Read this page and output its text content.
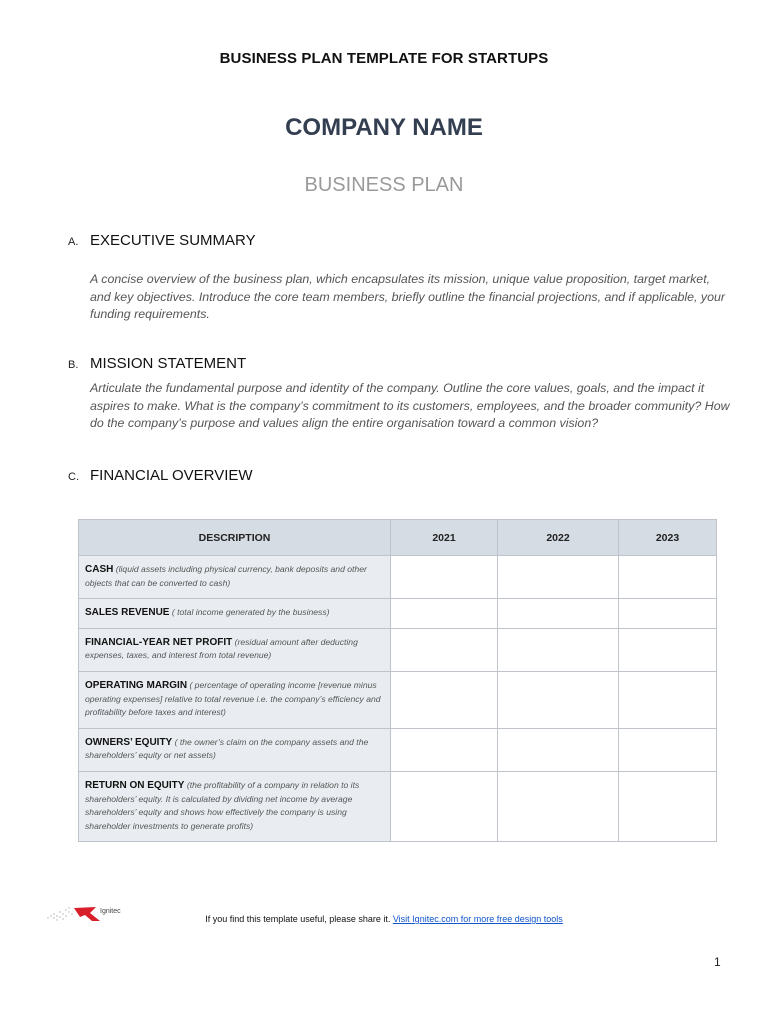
BUSINESS PLAN TEMPLATE FOR STARTUPS
COMPANY NAME
BUSINESS PLAN
A. EXECUTIVE SUMMARY
A concise overview of the business plan, which encapsulates its mission, unique value proposition, target market, and key objectives. Introduce the core team members, briefly outline the financial projections, and if applicable, your funding requirements.
B. MISSION STATEMENT
Articulate the fundamental purpose and identity of the company. Outline the core values, goals, and the impact it aspires to make. What is the company’s commitment to its customers, employees, and the broader community? How do the company’s purpose and values align the entire organisation toward a common vision?
C. FINANCIAL OVERVIEW
DESCRIPTION	2021	2022	2023
CASH (liquid assets including physical currency, bank deposits and other objects that can be converted to cash)			
SALES REVENUE ( total income generated by the business)			
FINANCIAL-YEAR NET PROFIT (residual amount after deducting expenses, taxes, and interest from total revenue)			
OPERATING MARGIN ( percentage of operating income [revenue minus operating expenses] relative to total revenue i.e. the company’s efficiency and profitability before taxes and interest)			
OWNERS’ EQUITY ( the owner’s claim on the company assets and the shareholders’ equity or net assets)			
RETURN ON EQUITY (the profitability of a company in relation to its shareholders’ equity. It is calculated by dividing net income by average shareholders’ equity and shows how effectively the company is using shareholder investments to generate profits)			
Ignitec
If you find this template useful, please share it. Visit Ignitec.com for more free design tools
1
